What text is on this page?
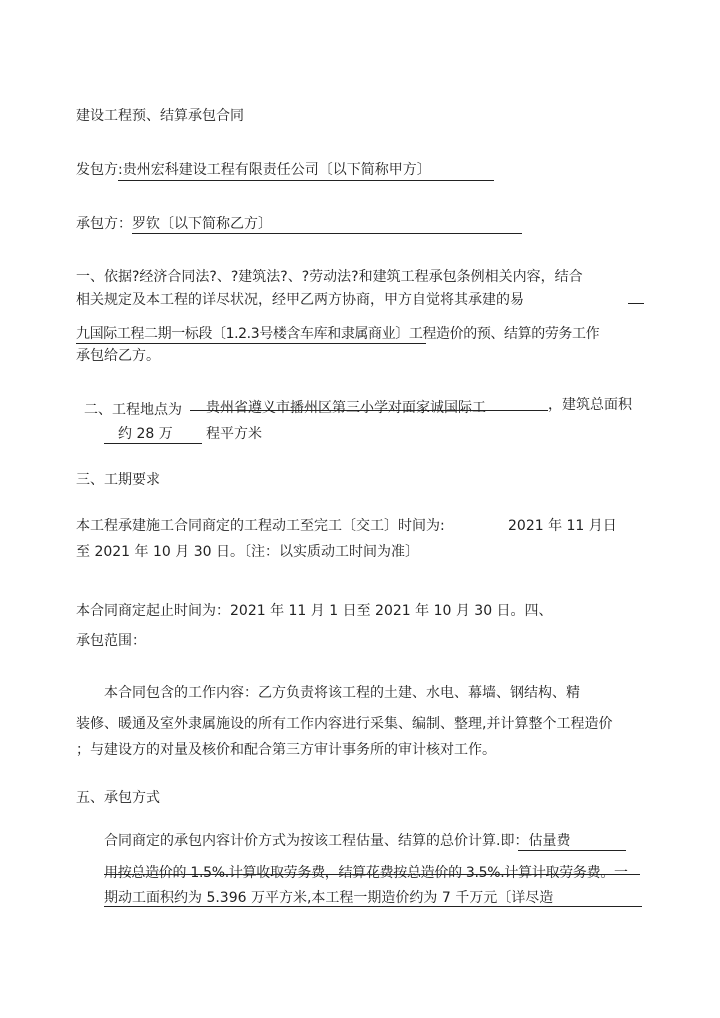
建设工程预、结算承包合同
发包方:贵州宏科建设工程有限责任公司〔以下简称甲方〕
承包方：罗钦〔以下简称乙方〕
一、依据?经济合同法?、?建筑法?、?劳动法?和建筑工程承包条例相关内容，结合
相关规定及本工程的详尽状况，经甲乙两方协商，甲方自觉将其承建的易
九国际工程二期一标段〔1.2.3号楼含车库和隶属商业〕工程造价的预、结算的劳务工作
承包给乙方。
二、工程地点为 贵州省遵义市播州区第三小学对面家诚国际工	，建筑总面积
约 28 万 程平方米
三、工期要求
本工程承建施工合同商定的工程动工至完工〔交工〕时间为:	2021 年 11 月日
至 2021 年 10 月 30 日。〔注：以实质动工时间为准〕
本合同商定起止时间为：2021 年 11 月 1 日至 2021 年 10 月 30 日。四、
承包范围：
本合同包含的工作内容：乙方负责将该工程的土建、水电、幕墙、钢结构、精
装修、暖通及室外隶属施设的所有工作内容进行采集、编制、整理,并计算整个工程造价
；与建设方的对量及核价和配合第三方审计事务所的审计核对工作。
五、承包方式
合同商定的承包内容计价方式为按该工程估量、结算的总价计算.即：估量费
用按总造价的 1.5%.计算收取劳务费，结算花费按总造价的 3.5%.计算计取劳务费。一
期动工面积约为 5.396 万平方米,本工程一期造价约为 7 千万元〔详尽造
